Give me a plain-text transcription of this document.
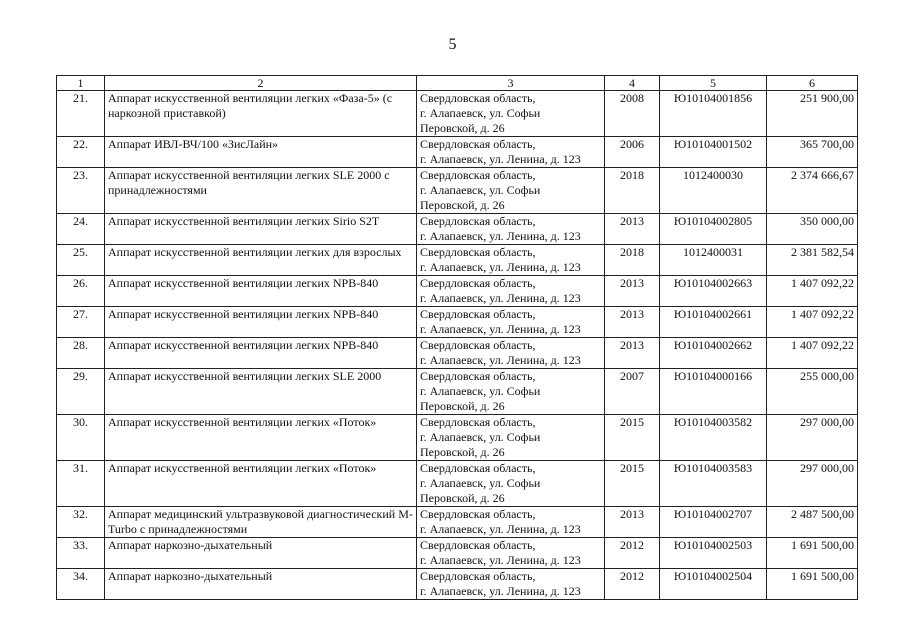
5
1	2	3	4	5	6
21.	Аппарат искусственной вентиляции легких «Фаза-5» (с наркозной приставкой)	Свердловская область,
г. Алапаевск, ул. Софьи
Перовской, д. 26	2008	Ю10104001856	251 900,00
22.	Аппарат ИВЛ-ВЧ/100 «ЗисЛайн»	Свердловская область,
г. Алапаевск, ул. Ленина, д. 123	2006	Ю10104001502	365 700,00
23.	Аппарат искусственной вентиляции легких SLE 2000 с принадлежностями	Свердловская область,
г. Алапаевск, ул. Софьи
Перовской, д. 26	2018	1012400030	2 374 666,67
24.	Аппарат искусственной вентиляции легких Sirio S2T	Свердловская область,
г. Алапаевск, ул. Ленина, д. 123	2013	Ю10104002805	350 000,00
25.	Аппарат искусственной вентиляции легких для взрослых	Свердловская область,
г. Алапаевск, ул. Ленина, д. 123	2018	1012400031	2 381 582,54
26.	Аппарат искусственной вентиляции легких NPB-840	Свердловская область,
г. Алапаевск, ул. Ленина, д. 123	2013	Ю10104002663	1 407 092,22
27.	Аппарат искусственной вентиляции легких NPB-840	Свердловская область,
г. Алапаевск, ул. Ленина, д. 123	2013	Ю10104002661	1 407 092,22
28.	Аппарат искусственной вентиляции легких NPB-840	Свердловская область,
г. Алапаевск, ул. Ленина, д. 123	2013	Ю10104002662	1 407 092,22
29.	Аппарат искусственной вентиляции легких SLE 2000	Свердловская область,
г. Алапаевск, ул. Софьи
Перовской, д. 26	2007	Ю10104000166	255 000,00
30.	Аппарат искусственной вентиляции легких «Поток»	Свердловская область,
г. Алапаевск, ул. Софьи
Перовской, д. 26	2015	Ю10104003582	297 000,00
31.	Аппарат искусственной вентиляции легких «Поток»	Свердловская область,
г. Алапаевск, ул. Софьи
Перовской, д. 26	2015	Ю10104003583	297 000,00
32.	Аппарат медицинский ультразвуковой диагностический M-Turbo с принадлежностями	Свердловская область,
г. Алапаевск, ул. Ленина, д. 123	2013	Ю10104002707	2 487 500,00
33.	Аппарат наркозно-дыхательный	Свердловская область,
г. Алапаевск, ул. Ленина, д. 123	2012	Ю10104002503	1 691 500,00
34.	Аппарат наркозно-дыхательный	Свердловская область,
г. Алапаевск, ул. Ленина, д. 123	2012	Ю10104002504	1 691 500,00
